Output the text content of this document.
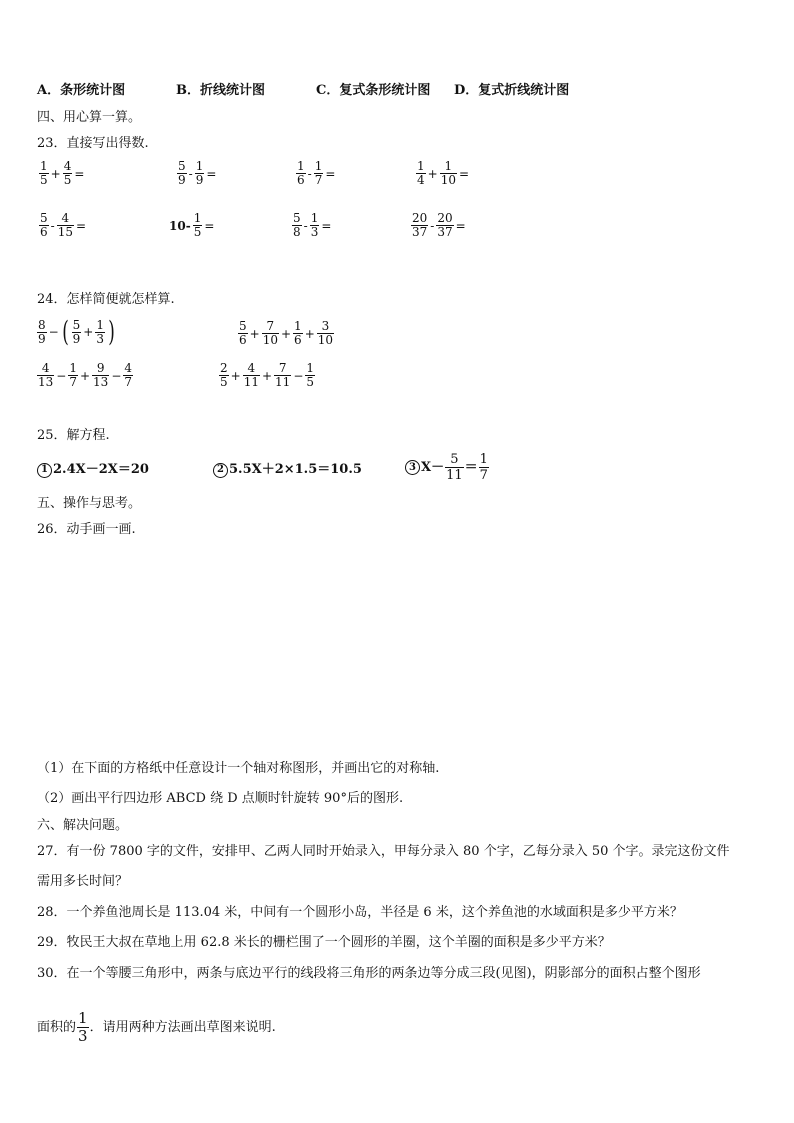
A．条形统计图	B．折线统计图	C．复式条形统计图 D．复式折线统计图
四、用心算一算。
23．直接写出得数.
$\frac{1}{5} + \frac{4}{5}$ =	$\frac{5}{9} - \frac{1}{9}$ =	$\frac{1}{6} - \frac{1}{7}$ =	$\frac{1}{4} + \frac{1}{10}$ =
$\frac{5}{6} - \frac{4}{15}$ =	$10- \frac{1}{5}$ =	$\frac{5}{8} - \frac{1}{3}$ =	$\frac{20}{37} - \frac{20}{37}$ =
24．怎样简便就怎样算.
$\frac{8}{9}$ − ( $\frac{5}{9} + \frac{1}{3}$ )	$\frac{5}{6} + \frac{7}{10} + \frac{1}{6} + \frac{3}{10}$
$\frac{4}{13} - \frac{1}{7} + \frac{9}{13} - \frac{4}{7}$	$\frac{2}{5} + \frac{4}{11} + \frac{7}{11} - \frac{1}{5}$
25．解方程.
1 2.4X－2X＝20	2 5.5X＋2×1.5＝10.5	3 $X- \frac{5}{11} = \frac{1}{7}$
五、操作与思考。
26．动手画一画.
（1）在下面的方格纸中任意设计一个轴对称图形，并画出它的对称轴.
（2）画出平行四边形 ABCD 绕 D 点顺时针旋转 90°后的图形.
六、解决问题。
27．有一份 7800 字的文件，安排甲、乙两人同时开始录入，甲每分录入 80 个字，乙每分录入 50 个字。录完这份文件
需用多长时间？
28．一个养鱼池周长是 113.04 米，中间有一个圆形小岛，半径是 6 米，这个养鱼池的水域面积是多少平方米？
29．牧民王大叔在草地上用 62.8 米长的栅栏围了一个圆形的羊圈，这个羊圈的面积是多少平方米？
30．在一个等腰三角形中，两条与底边平行的线段将三角形的两条边等分成三段(见图)，阴影部分的面积占整个图形
面积的 $\frac{1}{3}$ ．请用两种方法画出草图来说明.
